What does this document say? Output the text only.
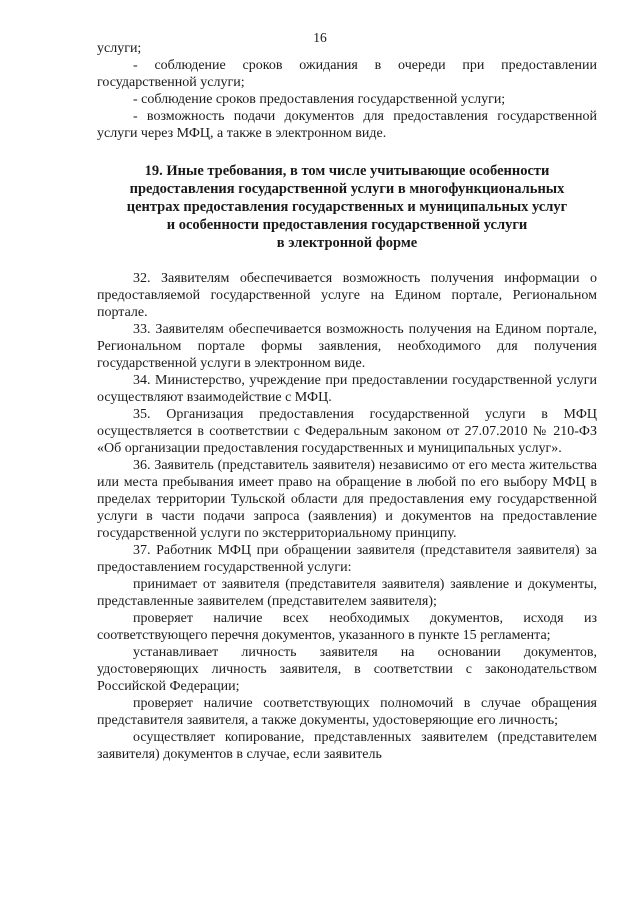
16

услуги;

- соблюдение сроков ожидания в очереди при предоставлении государственной услуги;

- соблюдение сроков предоставления государственной услуги;

- возможность подачи документов для предоставления государственной услуги через МФЦ, а также в электронном виде.

19. Иные требования, в том числе учитывающие особенности
предоставления государственной услуги в многофункциональных
центрах предоставления государственных и муниципальных услуг
и особенности предоставления государственной услуги
в электронной форме

32. Заявителям обеспечивается возможность получения информации о предоставляемой государственной услуге на Едином портале, Региональном портале.

33. Заявителям обеспечивается возможность получения на Едином портале, Региональном портале формы заявления, необходимого для получения государственной услуги в электронном виде.

34. Министерство, учреждение при предоставлении государственной услуги осуществляют взаимодействие с МФЦ.

35. Организация предоставления государственной услуги в МФЦ осуществляется в соответствии с Федеральным законом от 27.07.2010 № 210-ФЗ «Об организации предоставления государственных и муниципальных услуг».

36. Заявитель (представитель заявителя) независимо от его места жительства или места пребывания имеет право на обращение в любой по его выбору МФЦ в пределах территории Тульской области для предоставления ему государственной услуги в части подачи запроса (заявления) и документов на предоставление государственной услуги по экстерриториальному принципу.

37. Работник МФЦ при обращении заявителя (представителя заявителя) за предоставлением государственной услуги:

принимает от заявителя (представителя заявителя) заявление и документы, представленные заявителем (представителем заявителя);

проверяет наличие всех необходимых документов, исходя из соответствующего перечня документов, указанного в пункте 15 регламента;

устанавливает личность заявителя на основании документов, удостоверяющих личность заявителя, в соответствии с законодательством Российской Федерации;

проверяет наличие соответствующих полномочий в случае обращения представителя заявителя, а также документы, удостоверяющие его личность;

осуществляет копирование, представленных заявителем (представителем заявителя) документов в случае, если заявитель
